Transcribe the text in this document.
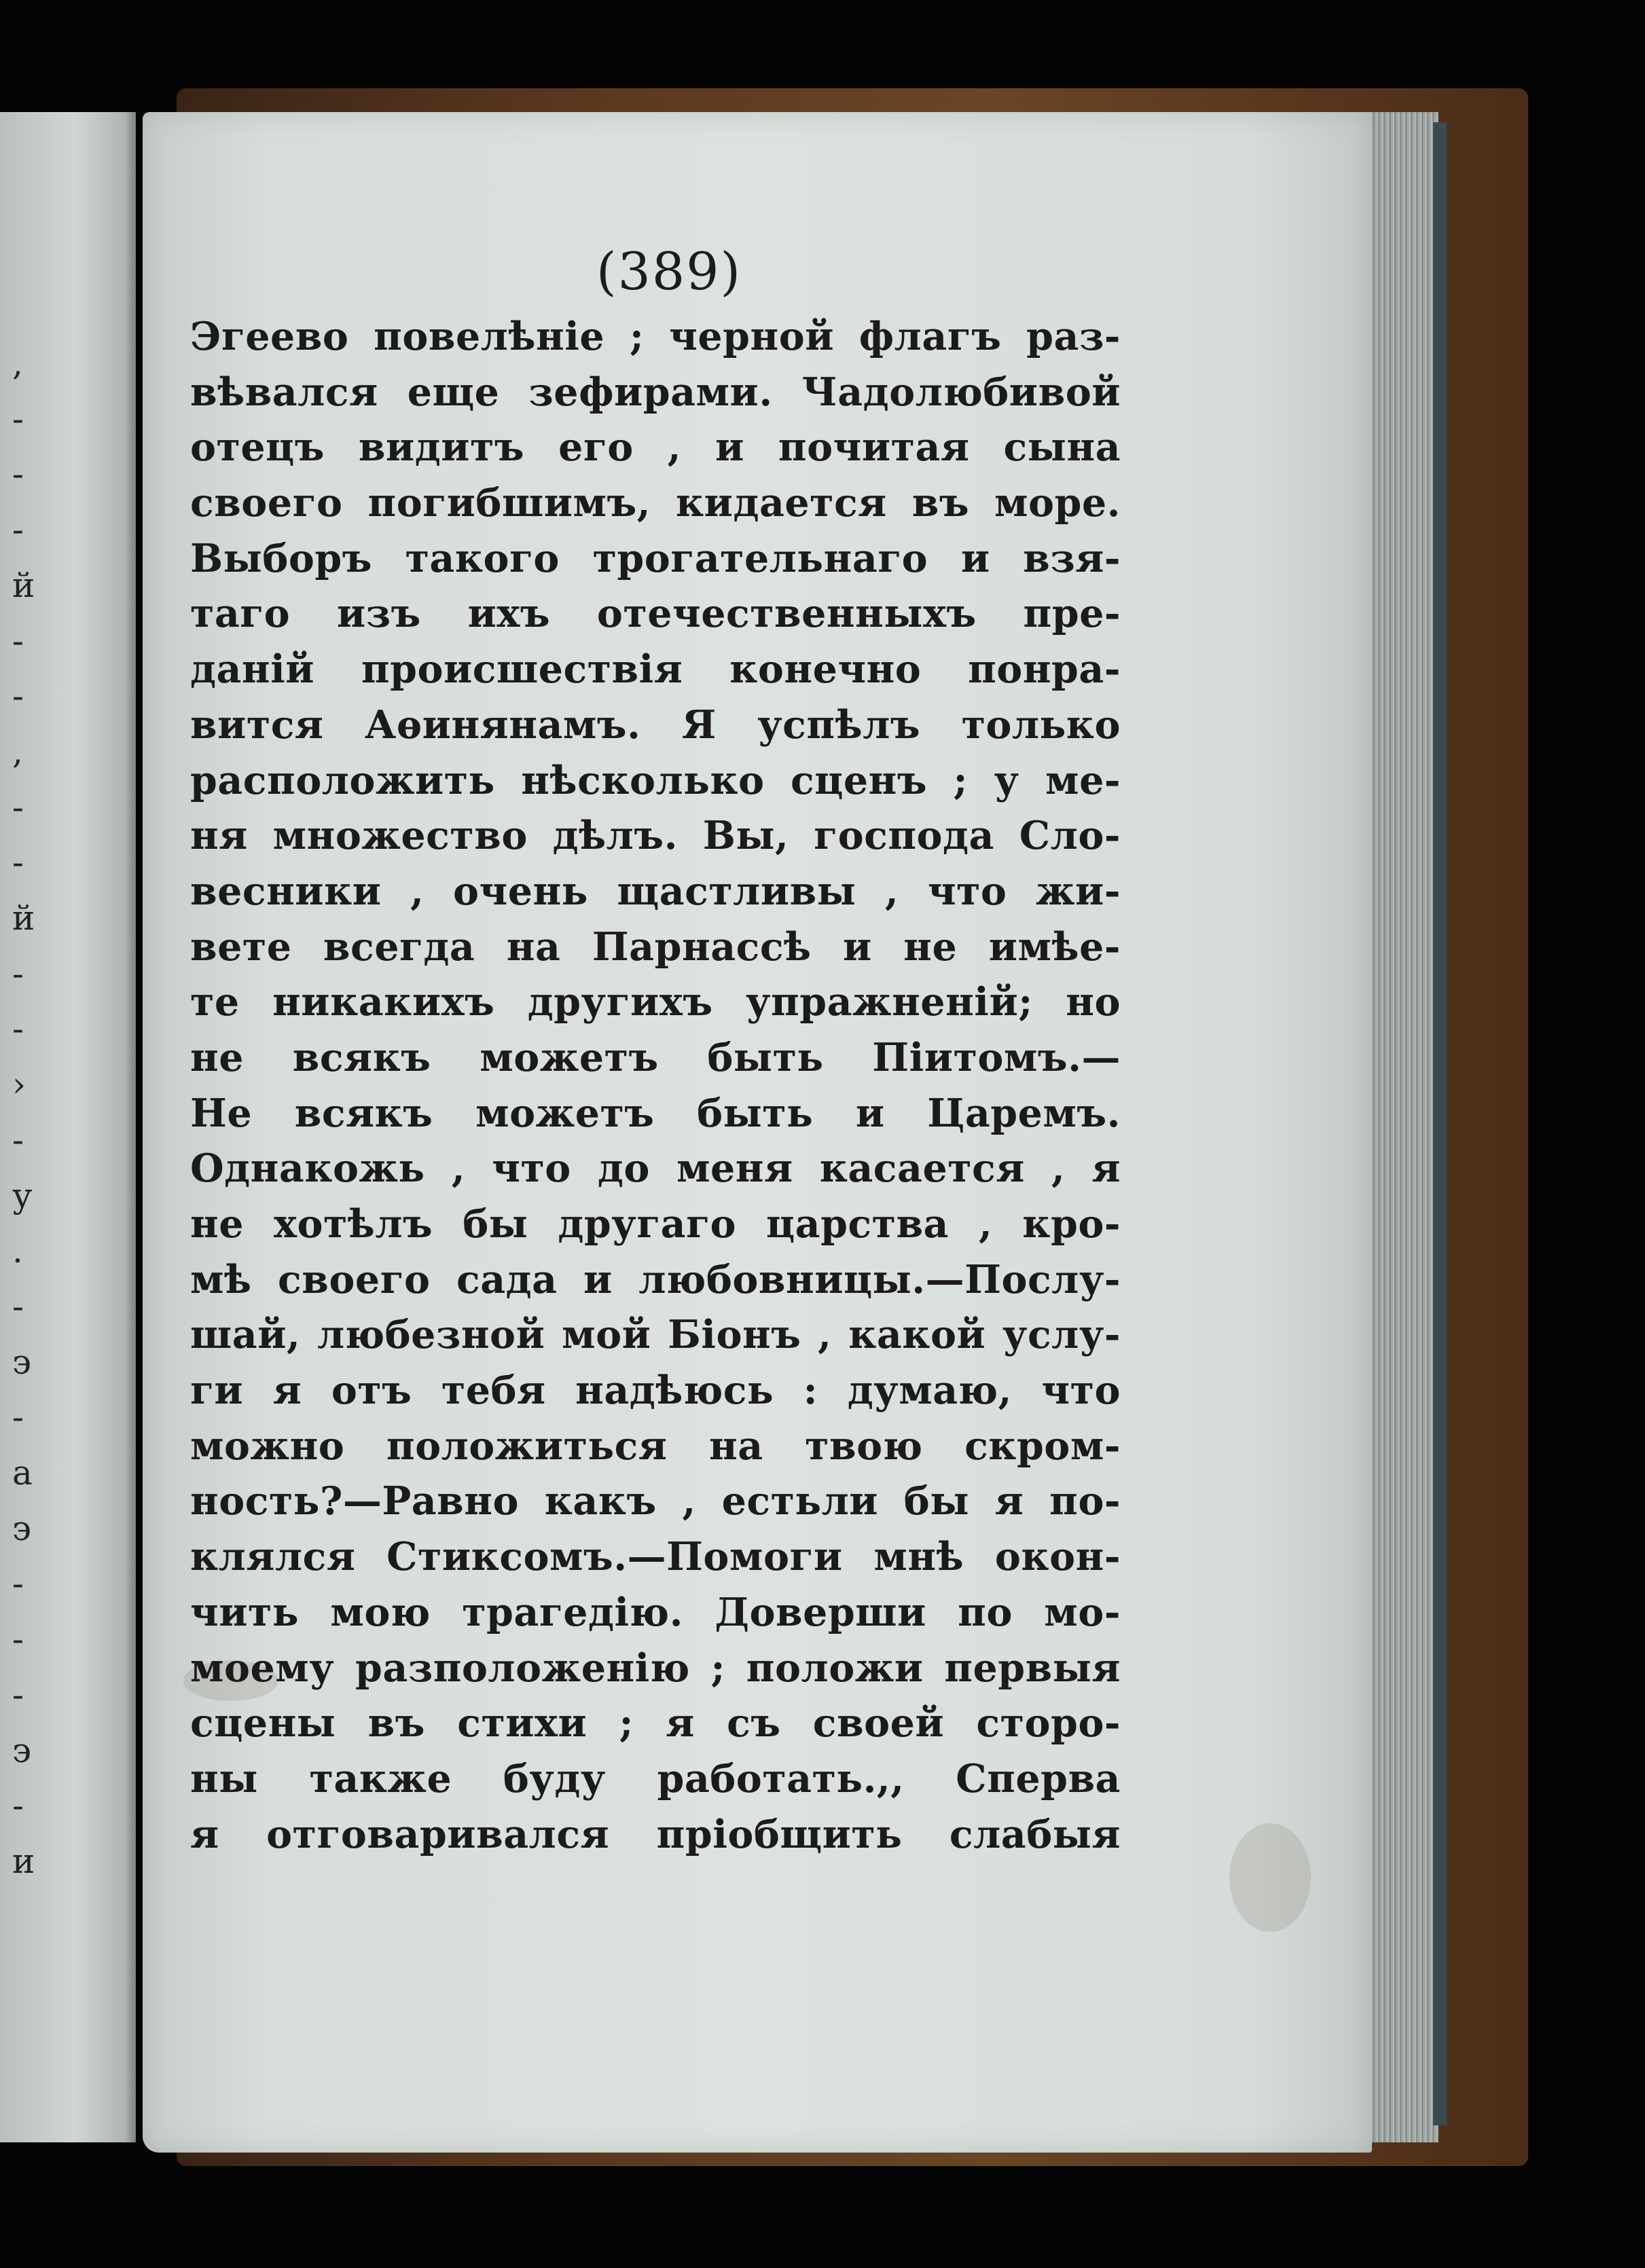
,
-
-
-
й
-
-
,
-
-
й
-
-
›
-
у
.
-
э
-
а
э
-
-
-
э
-
и
(389)
Эгеево повелѣніе ; черной флагъ раз-
вѣвался еще зефирами. Чадолюбивой
отецъ видитъ его , и почитая сына
своего погибшимъ, кидается въ море.
Выборъ такого трогательнаго и взя-
таго изъ ихъ отечественныхъ пре-
даній происшествія конечно понра-
вится Аѳинянамъ. Я успѣлъ только
расположить нѣсколько сценъ ; у ме-
ня множество дѣлъ. Вы, господа Сло-
весники , очень щастливы , что жи-
вете всегда на Парнассѣ и не имѣе-
те никакихъ другихъ упражненій; но
не всякъ можетъ быть Піитомъ.—
Не всякъ можетъ быть и Царемъ.
Однакожь , что до меня касается , я
не хотѣлъ бы другаго царства , кро-
мѣ своего сада и любовницы.—Послу-
шай, любезной мой Біонъ , какой услу-
ги я отъ тебя надѣюсь : думаю, что
можно положиться на твою скром-
ность?—Равно какъ , естьли бы я по-
клялся Стиксомъ.—Помоги мнѣ окон-
чить мою трагедію. Доверши по мо-
моему разположенію ; положи первыя
сцены въ стихи ; я съ своей сторо-
ны также буду работать.,, Сперва
я отговаривался пріобщить слабыя
